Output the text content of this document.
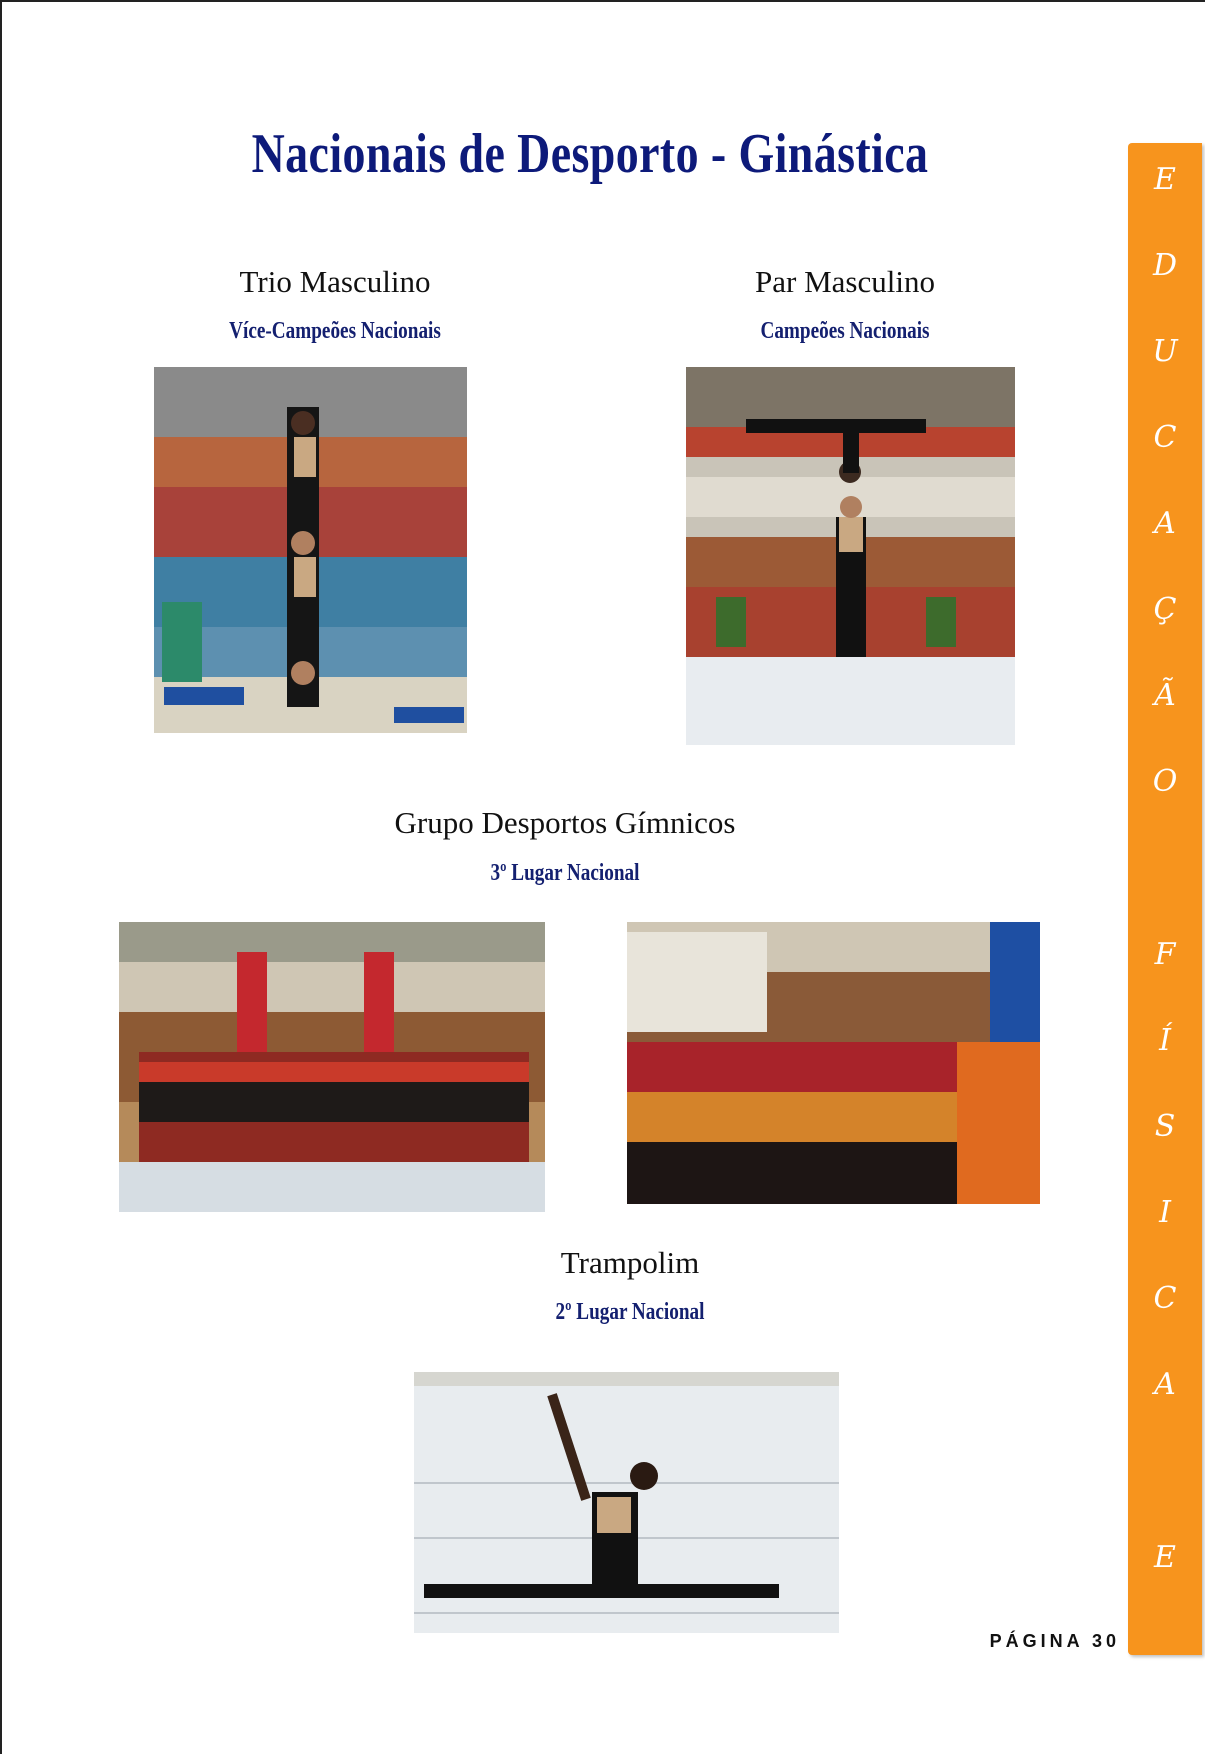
Nacionais de Desporto - Ginástica
Trio Masculino
Více-Campeões Nacionais
Par Masculino
Campeões Nacionais
Grupo Desportos Gímnicos
3º Lugar Nacional
Trampolim
2º Lugar Nacional
E
D
U
C
A
Ç
Ã
O
F
Í
S
I
C
A
E
PÁGINA 30
